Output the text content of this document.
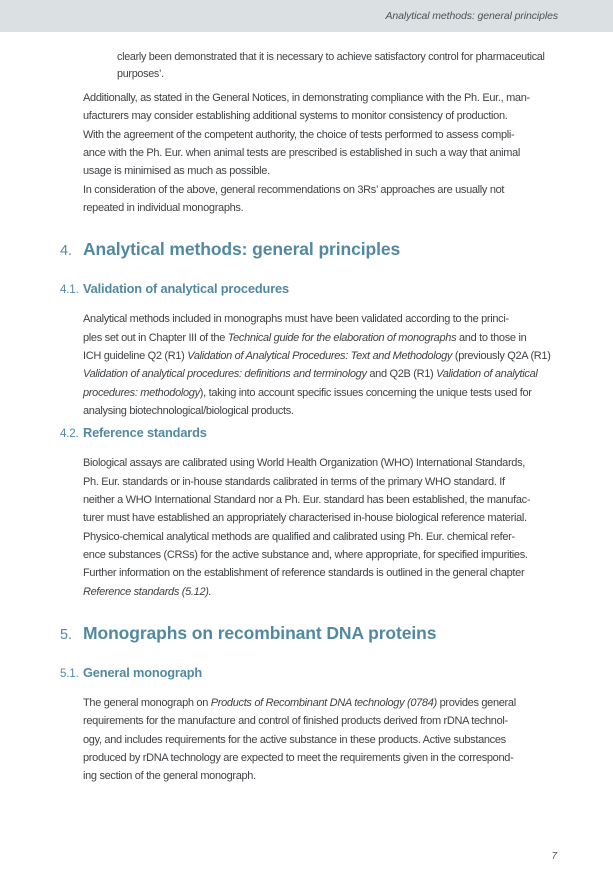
Analytical methods: general principles
clearly been demonstrated that it is necessary to achieve satisfactory control for pharmaceutical
purposes’.
Additionally, as stated in the General Notices, in demonstrating compliance with the Ph. Eur., man-
ufacturers may consider establishing additional systems to monitor consistency of production.
With the agreement of the competent authority, the choice of tests performed to assess compli-
ance with the Ph. Eur. when animal tests are prescribed is established in such a way that animal
usage is minimised as much as possible.
In consideration of the above, general recommendations on 3Rs’ approaches are usually not
repeated in individual monographs.
4. Analytical methods: general principles
4.1. Validation of analytical procedures
Analytical methods included in monographs must have been validated according to the princi-
ples set out in Chapter III of the Technical guide for the elaboration of monographs and to those in
ICH guideline Q2 (R1) Validation of Analytical Procedures: Text and Methodology (previously Q2A (R1)
Validation of analytical procedures: definitions and terminology and Q2B (R1) Validation of analytical
procedures: methodology), taking into account specific issues concerning the unique tests used for
analysing biotechnological/biological products.
4.2. Reference standards
Biological assays are calibrated using World Health Organization (WHO) International Standards,
Ph. Eur. standards or in-house standards calibrated in terms of the primary WHO standard. If
neither a WHO International Standard nor a Ph. Eur. standard has been established, the manufac-
turer must have established an appropriately characterised in-house biological reference material.
Physico-chemical analytical methods are qualified and calibrated using Ph. Eur. chemical refer-
ence substances (CRSs) for the active substance and, where appropriate, for specified impurities.
Further information on the establishment of reference standards is outlined in the general chapter
Reference standards (5.12).
5. Monographs on recombinant DNA proteins
5.1. General monograph
The general monograph on Products of Recombinant DNA technology (0784) provides general
requirements for the manufacture and control of finished products derived from rDNA technol-
ogy, and includes requirements for the active substance in these products. Active substances
produced by rDNA technology are expected to meet the requirements given in the correspond-
ing section of the general monograph.
7
